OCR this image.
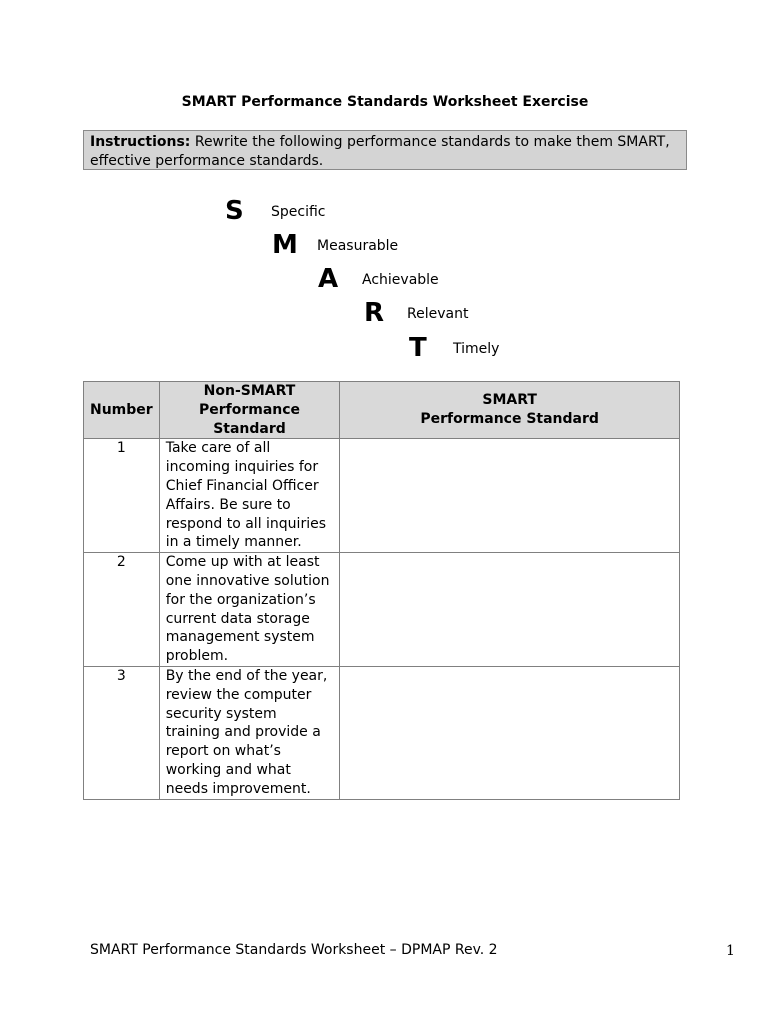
SMART Performance Standards Worksheet Exercise
Instructions: Rewrite the following performance standards to make them SMART, effective performance standards.
S Specific
M Measurable
A Achievable
R Relevant
T Timely
Number	Non-SMART Performance Standard	SMART
Performance Standard
1	Take care of all incoming inquiries for Chief Financial Officer Affairs. Be sure to respond to all inquiries in a timely manner.	
2	Come up with at least one innovative solution for the organization’s current data storage management system problem.	
3	By the end of the year, review the computer security system training and provide a report on what’s working and what needs improvement.	
SMART Performance Standards Worksheet – DPMAP Rev. 2	1
